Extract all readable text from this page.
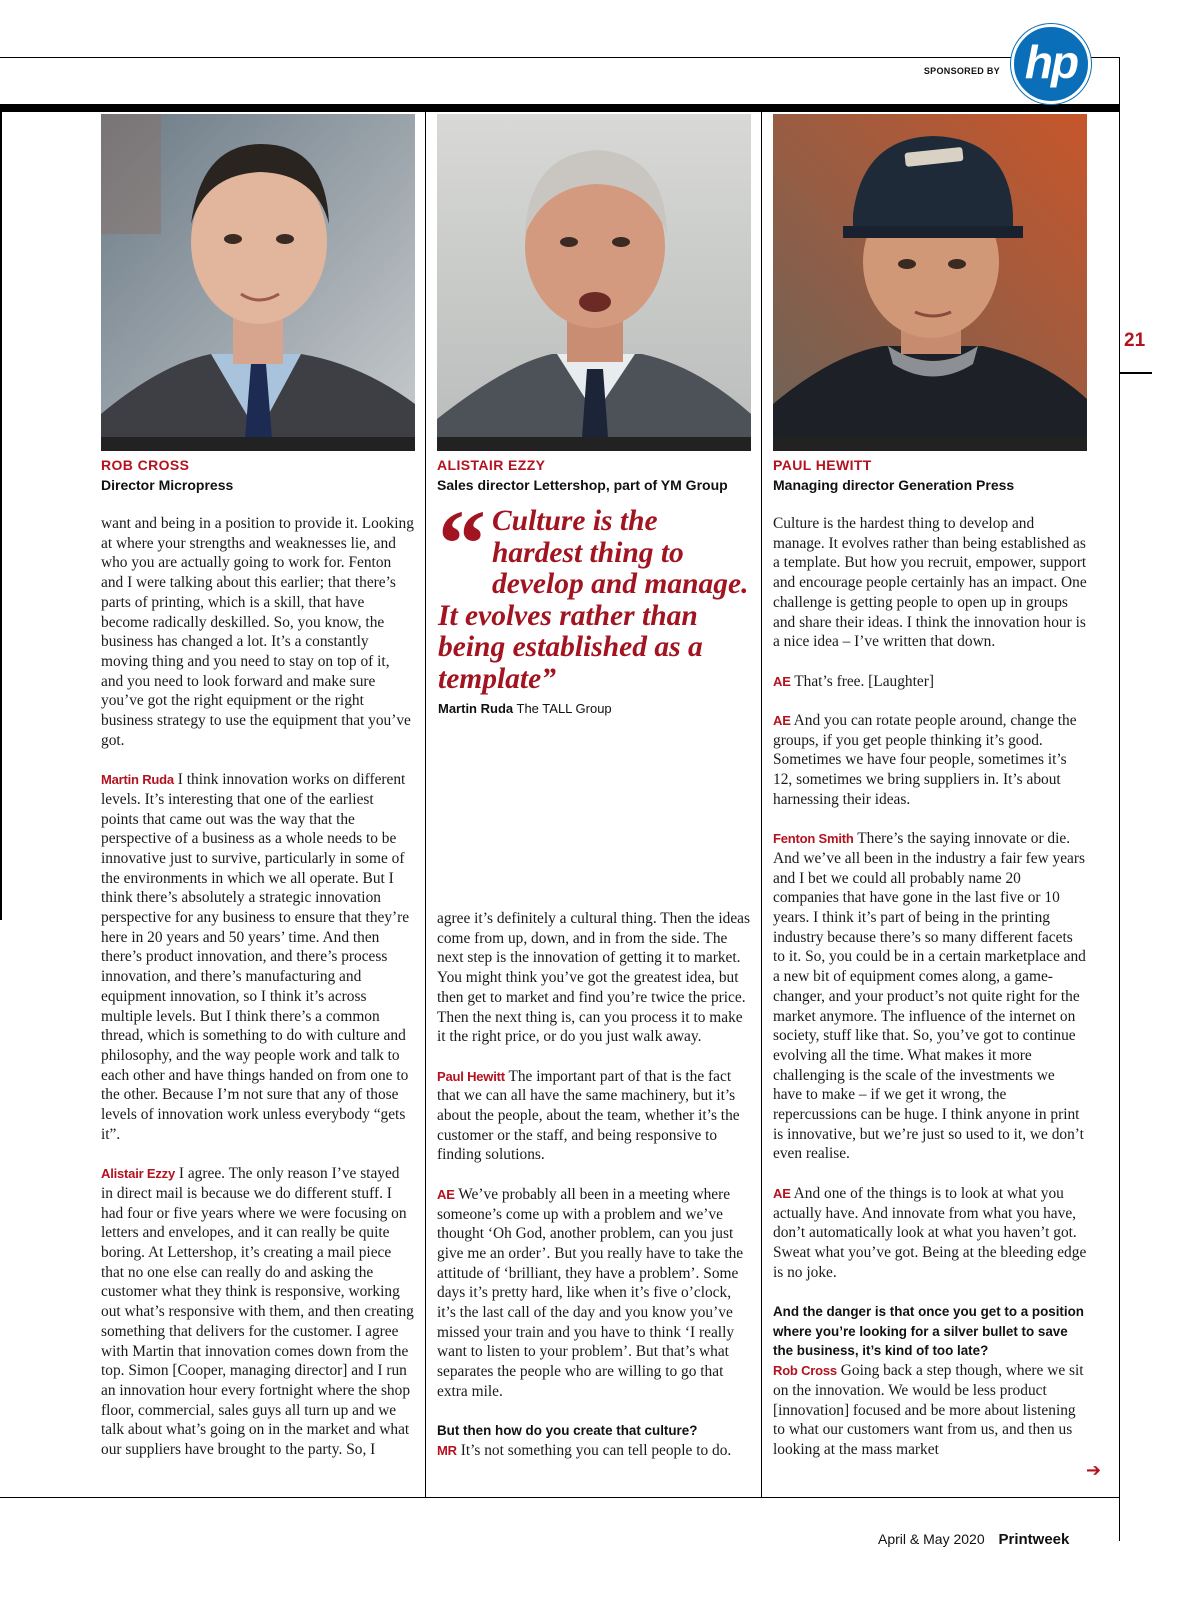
SPONSORED BY hp
21
ROB CROSS
Director Micropress
ALISTAIR EZZY
Sales director Lettershop, part of YM Group
PAUL HEWITT
Managing director Generation Press

want and being in a position to provide it. Looking at where your strengths and weaknesses lie, and who you are actually going to work for. Fenton and I were talking about this earlier; that there’s parts of printing, which is a skill, that have become radically deskilled. So, you know, the business has changed a lot. It’s a constantly moving thing and you need to stay on top of it, and you need to look forward and make sure you’ve got the right equipment or the right business strategy to use the equipment that you’ve got.

Martin Ruda I think innovation works on different levels. It’s interesting that one of the earliest points that came out was the way that the perspective of a business as a whole needs to be innovative just to survive, particularly in some of the environments in which we all operate. But I think there’s absolutely a strategic innovation perspective for any business to ensure that they’re here in 20 years and 50 years’ time. And then there’s product innovation, and there’s process innovation, and there’s manufacturing and equipment innovation, so I think it’s across multiple levels. But I think there’s a common thread, which is something to do with culture and philosophy, and the way people work and talk to each other and have things handed on from one to the other. Because I’m not sure that any of those levels of innovation work unless everybody “gets it”.

Alistair Ezzy I agree. The only reason I’ve stayed in direct mail is because we do different stuff. I had four or five years where we were focusing on letters and envelopes, and it can really be quite boring. At Lettershop, it’s creating a mail piece that no one else can really do and asking the customer what they think is responsive, working out what’s responsive with them, and then creating something that delivers for the customer. I agree with Martin that innovation comes down from the top. Simon [Cooper, managing director] and I run an innovation hour every fortnight where the shop floor, commercial, sales guys all turn up and we talk about what’s going on in the market and what our suppliers have brought to the party. So, I

“ Culture is the hardest thing to develop and manage. It evolves rather than being established as a template”
Martin Ruda The TALL Group

agree it’s definitely a cultural thing. Then the ideas come from up, down, and in from the side. The next step is the innovation of getting it to market. You might think you’ve got the greatest idea, but then get to market and find you’re twice the price. Then the next thing is, can you process it to make it the right price, or do you just walk away.

Paul Hewitt The important part of that is the fact that we can all have the same machinery, but it’s about the people, about the team, whether it’s the customer or the staff, and being responsive to finding solutions.

AE We’ve probably all been in a meeting where someone’s come up with a problem and we’ve thought ‘Oh God, another problem, can you just give me an order’. But you really have to take the attitude of ‘brilliant, they have a problem’. Some days it’s pretty hard, like when it’s five o’clock, it’s the last call of the day and you know you’ve missed your train and you have to think ‘I really want to listen to your problem’. But that’s what separates the people who are willing to go that extra mile.

But then how do you create that culture?

MR It’s not something you can tell people to do.

Culture is the hardest thing to develop and manage. It evolves rather than being established as a template. But how you recruit, empower, support and encourage people certainly has an impact. One challenge is getting people to open up in groups and share their ideas. I think the innovation hour is a nice idea – I’ve written that down.

AE That’s free. [Laughter]

AE And you can rotate people around, change the groups, if you get people thinking it’s good. Sometimes we have four people, sometimes it’s 12, sometimes we bring suppliers in. It’s about harnessing their ideas.

Fenton Smith There’s the saying innovate or die. And we’ve all been in the industry a fair few years and I bet we could all probably name 20 companies that have gone in the last five or 10 years. I think it’s part of being in the printing industry because there’s so many different facets to it. So, you could be in a certain marketplace and a new bit of equipment comes along, a game-changer, and your product’s not quite right for the market anymore. The influence of the internet on society, stuff like that. So, you’ve got to continue evolving all the time. What makes it more challenging is the scale of the investments we have to make – if we get it wrong, the repercussions can be huge. I think anyone in print is innovative, but we’re just so used to it, we don’t even realise.

AE And one of the things is to look at what you actually have. And innovate from what you have, don’t automatically look at what you haven’t got. Sweat what you’ve got. Being at the bleeding edge is no joke.

And the danger is that once you get to a position where you’re looking for a silver bullet to save the business, it’s kind of too late?

Rob Cross Going back a step though, where we sit on the innovation. We would be less product [innovation] focused and be more about listening to what our customers want from us, and then us looking at the mass market

➔
April & May 2020 Printweek
